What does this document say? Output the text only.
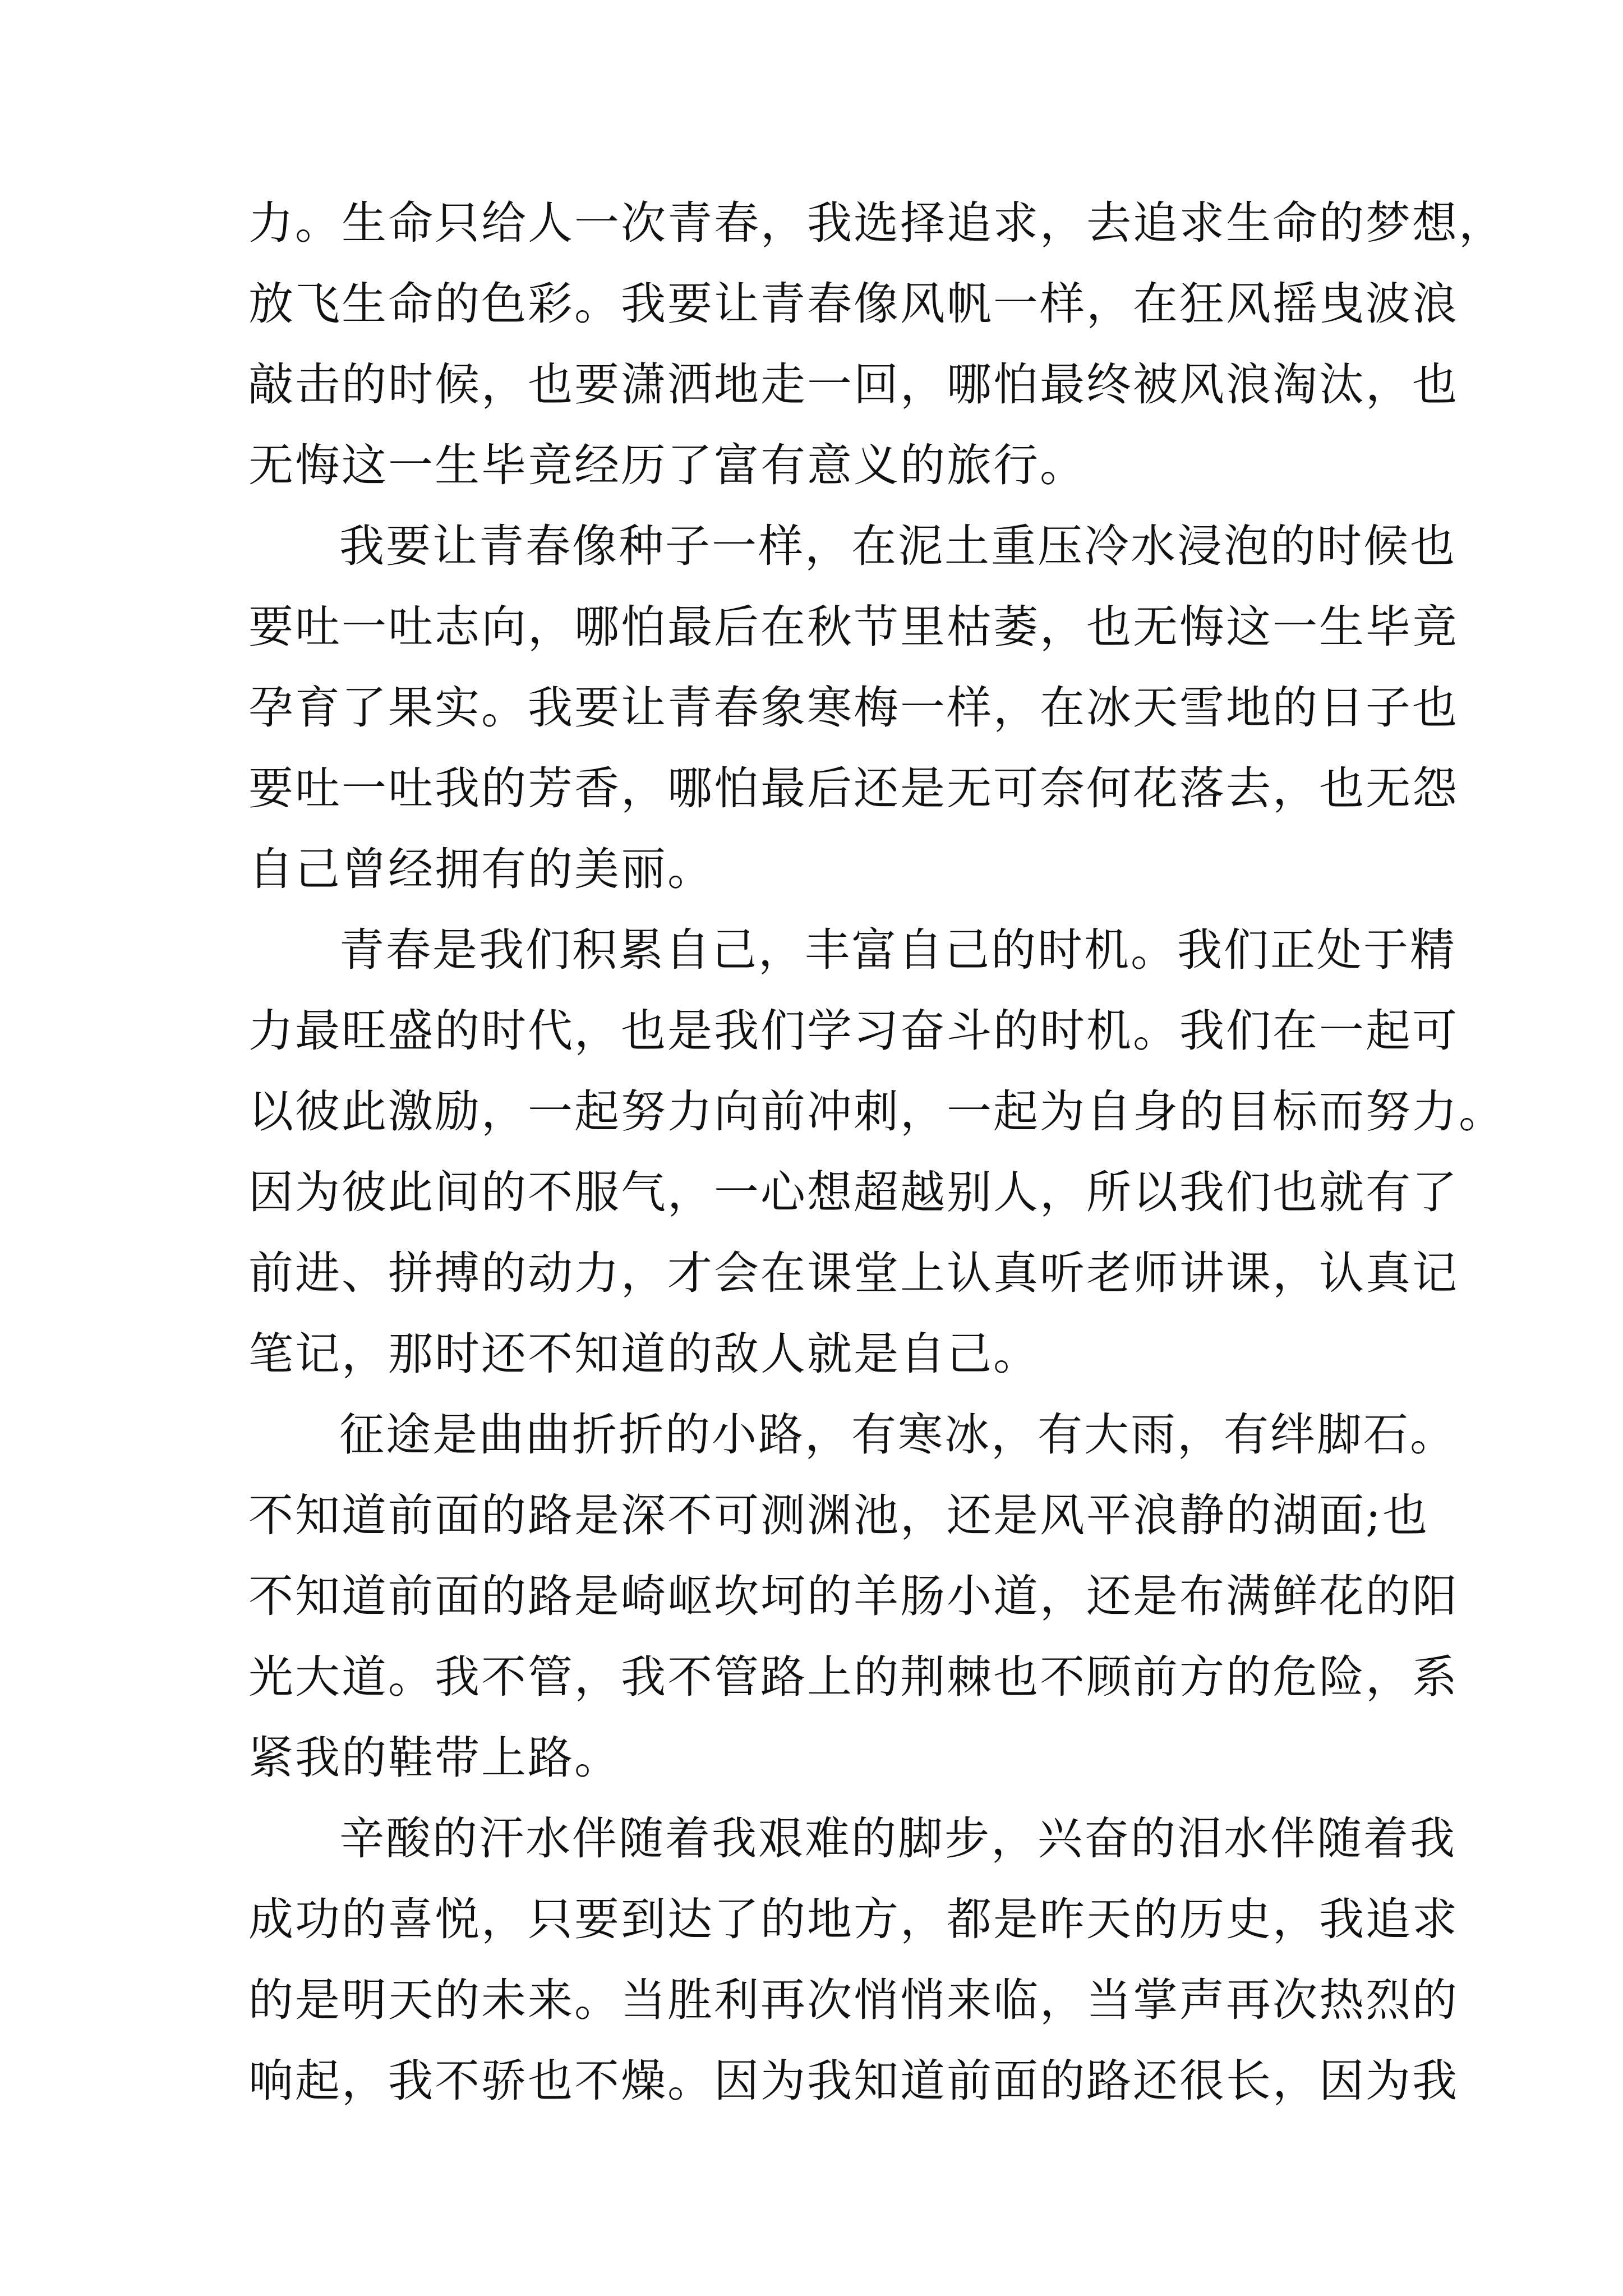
力。生命只给人一次青春，我选择追求，去追求生命的梦想，
放飞生命的色彩。我要让青春像风帆一样，在狂风摇曳波浪
敲击的时候，也要潇洒地走一回，哪怕最终被风浪淘汰，也
无悔这一生毕竟经历了富有意义的旅行。
我要让青春像种子一样，在泥土重压冷水浸泡的时候也
要吐一吐志向，哪怕最后在秋节里枯萎，也无悔这一生毕竟
孕育了果实。我要让青春象寒梅一样，在冰天雪地的日子也
要吐一吐我的芳香，哪怕最后还是无可奈何花落去，也无怨
自己曾经拥有的美丽。
青春是我们积累自己，丰富自己的时机。我们正处于精
力最旺盛的时代，也是我们学习奋斗的时机。我们在一起可
以彼此激励，一起努力向前冲刺，一起为自身的目标而努力。
因为彼此间的不服气，一心想超越别人，所以我们也就有了
前进、拼搏的动力，才会在课堂上认真听老师讲课，认真记
笔记，那时还不知道的敌人就是自己。
征途是曲曲折折的小路，有寒冰，有大雨，有绊脚石。
不知道前面的路是深不可测渊池，还是风平浪静的湖面;也
不知道前面的路是崎岖坎坷的羊肠小道，还是布满鲜花的阳
光大道。我不管，我不管路上的荆棘也不顾前方的危险，系
紧我的鞋带上路。
辛酸的汗水伴随着我艰难的脚步，兴奋的泪水伴随着我
成功的喜悦，只要到达了的地方，都是昨天的历史，我追求
的是明天的未来。当胜利再次悄悄来临，当掌声再次热烈的
响起，我不骄也不燥。因为我知道前面的路还很长，因为我
